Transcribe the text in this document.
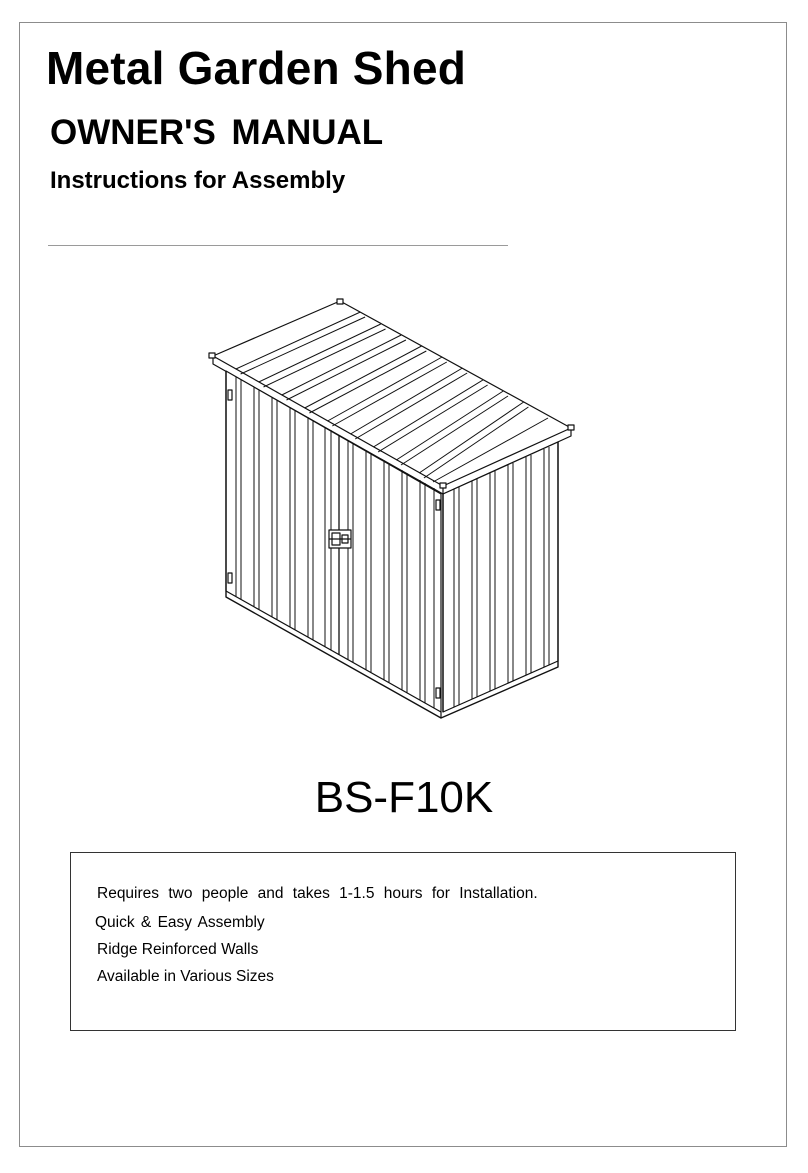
Metal Garden Shed
OWNER'S MANUAL
Instructions for Assembly
BS-F10K
Requires two people and takes 1-1.5 hours for Installation.
Quick & Easy Assembly
Ridge Reinforced Walls
Available in Various Sizes
